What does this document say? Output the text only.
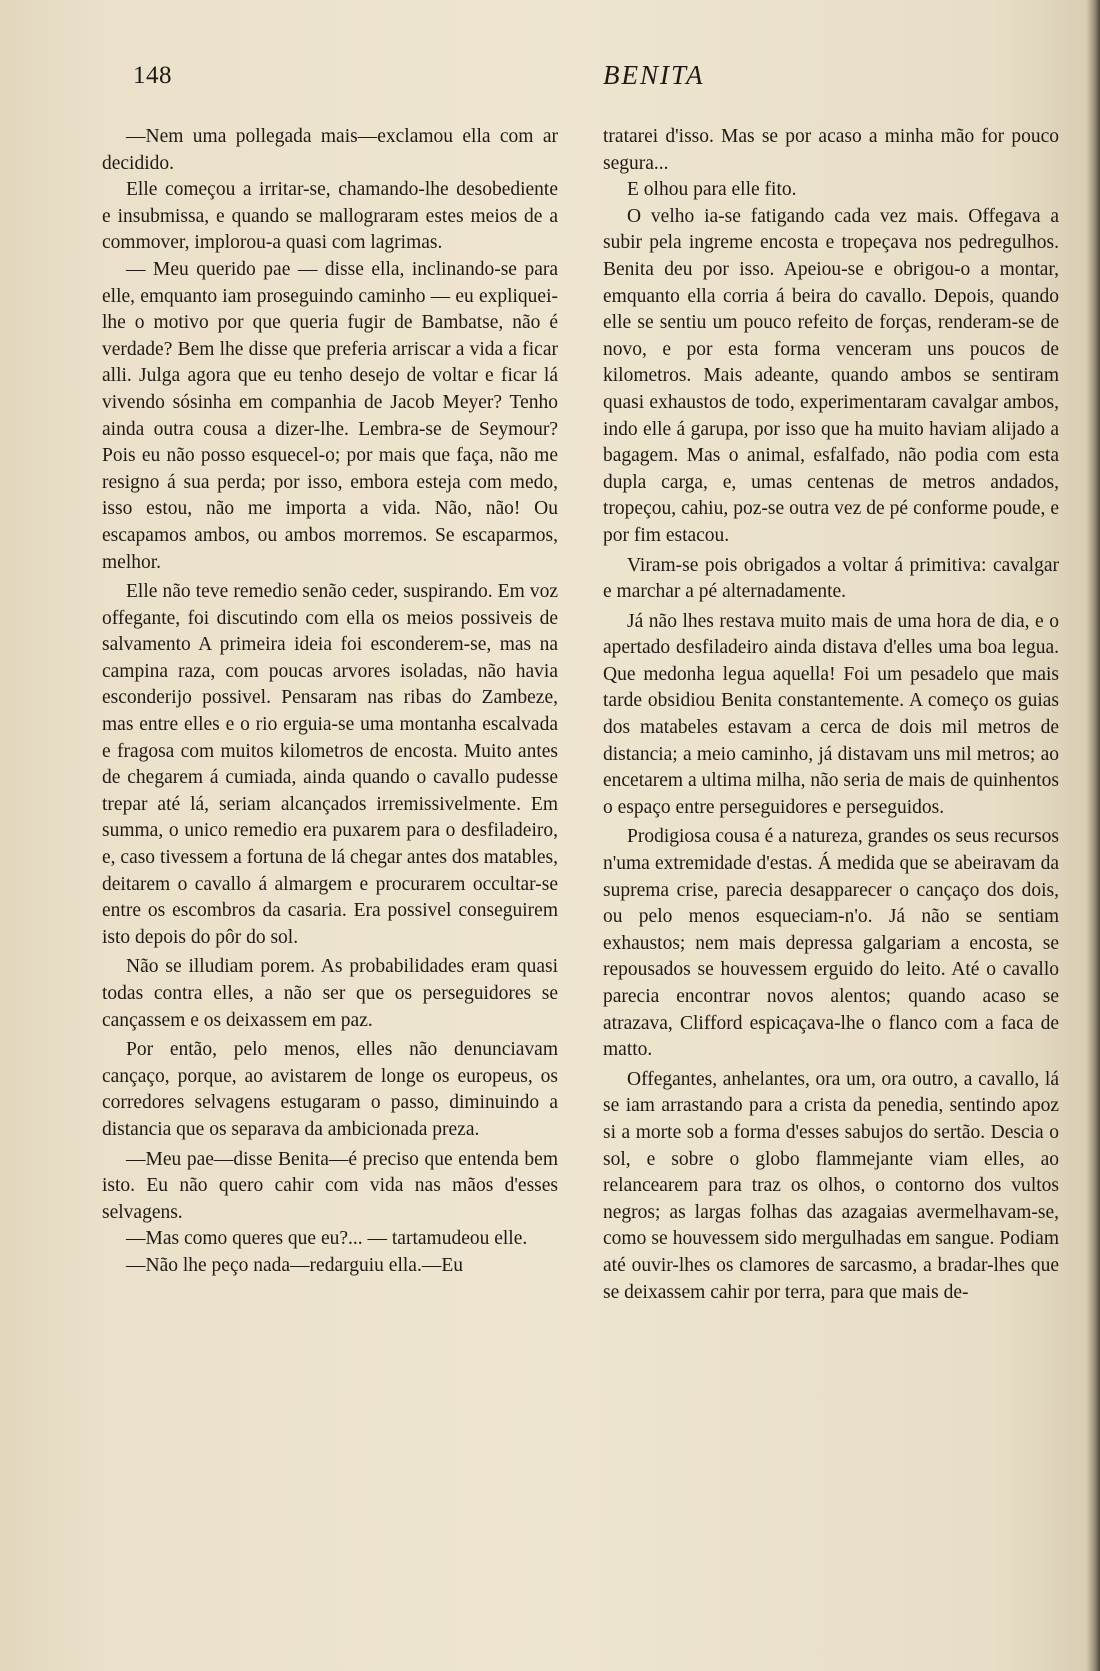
148	BENITA

—Nem uma pollegada mais—exclamou ella com ar decidido.

Elle começou a irritar-se, chamando-lhe desobediente e insubmissa, e quando se mallograram estes meios de a commover, implorou-a quasi com lagrimas.

— Meu querido pae — disse ella, inclinando-se para elle, emquanto iam proseguindo caminho — eu expliquei-lhe o motivo por que queria fugir de Bambatse, não é verdade? Bem lhe disse que preferia arriscar a vida a ficar alli. Julga agora que eu tenho desejo de voltar e ficar lá vivendo sósinha em companhia de Jacob Meyer? Tenho ainda outra cousa a dizer-lhe. Lembra-se de Seymour? Pois eu não posso esquecel-o; por mais que faça, não me resigno á sua perda; por isso, embora esteja com medo, isso estou, não me importa a vida. Não, não! Ou escapamos ambos, ou ambos morremos. Se escaparmos, melhor.

Elle não teve remedio senão ceder, suspirando. Em voz offegante, foi discutindo com ella os meios possiveis de salvamento A primeira ideia foi esconderem-se, mas na campina raza, com poucas arvores isoladas, não havia esconderijo possivel. Pensaram nas ribas do Zambeze, mas entre elles e o rio erguia-se uma montanha escalvada e fragosa com muitos kilometros de encosta. Muito antes de chegarem á cumiada, ainda quando o cavallo pudesse trepar até lá, seriam alcançados irremissivelmente. Em summa, o unico remedio era puxarem para o desfiladeiro, e, caso tivessem a fortuna de lá chegar antes dos matables, deitarem o cavallo á almargem e procurarem occultar-se entre os escombros da casaria. Era possivel conseguirem isto depois do pôr do sol.

Não se illudiam porem. As probabilidades eram quasi todas contra elles, a não ser que os perseguidores se cançassem e os deixassem em paz.

Por então, pelo menos, elles não denunciavam cançaço, porque, ao avistarem de longe os europeus, os corredores selvagens estugaram o passo, diminuindo a distancia que os separava da ambicionada preza.

—Meu pae—disse Benita—é preciso que entenda bem isto. Eu não quero cahir com vida nas mãos d'esses selvagens.

—Mas como queres que eu?... — tartamudeou elle.

—Não lhe peço nada—redarguiu ella.—Eu

tratarei d'isso. Mas se por acaso a minha mão for pouco segura...

E olhou para elle fito.

O velho ia-se fatigando cada vez mais. Offegava a subir pela ingreme encosta e tropeçava nos pedregulhos. Benita deu por isso. Apeiou-se e obrigou-o a montar, emquanto ella corria á beira do cavallo. Depois, quando elle se sentiu um pouco refeito de forças, renderam-se de novo, e por esta forma venceram uns poucos de kilometros. Mais adeante, quando ambos se sentiram quasi exhaustos de todo, experimentaram cavalgar ambos, indo elle á garupa, por isso que ha muito haviam alijado a bagagem. Mas o animal, esfalfado, não podia com esta dupla carga, e, umas centenas de metros andados, tropeçou, cahiu, poz-se outra vez de pé conforme poude, e por fim estacou.

Viram-se pois obrigados a voltar á primitiva: cavalgar e marchar a pé alternadamente.

Já não lhes restava muito mais de uma hora de dia, e o apertado desfiladeiro ainda distava d'elles uma boa legua. Que medonha legua aquella! Foi um pesadelo que mais tarde obsidiou Benita constantemente. A começo os guias dos matabeles estavam a cerca de dois mil metros de distancia; a meio caminho, já distavam uns mil metros; ao encetarem a ultima milha, não seria de mais de quinhentos o espaço entre perseguidores e perseguidos.

Prodigiosa cousa é a natureza, grandes os seus recursos n'uma extremidade d'estas. Á medida que se abeiravam da suprema crise, parecia desapparecer o cançaço dos dois, ou pelo menos esqueciam-n'o. Já não se sentiam exhaustos; nem mais depressa galgariam a encosta, se repousados se houvessem erguido do leito. Até o cavallo parecia encontrar novos alentos; quando acaso se atrazava, Clifford espicaçava-lhe o flanco com a faca de matto.

Offegantes, anhelantes, ora um, ora outro, a cavallo, lá se iam arrastando para a crista da penedia, sentindo apoz si a morte sob a forma d'esses sabujos do sertão. Descia o sol, e sobre o globo flammejante viam elles, ao relancearem para traz os olhos, o contorno dos vultos negros; as largas folhas das azagaias avermelhavam-se, como se houvessem sido mergulhadas em sangue. Podiam até ouvir-lhes os clamores de sarcasmo, a bradar-lhes que se deixassem cahir por terra, para que mais de-
